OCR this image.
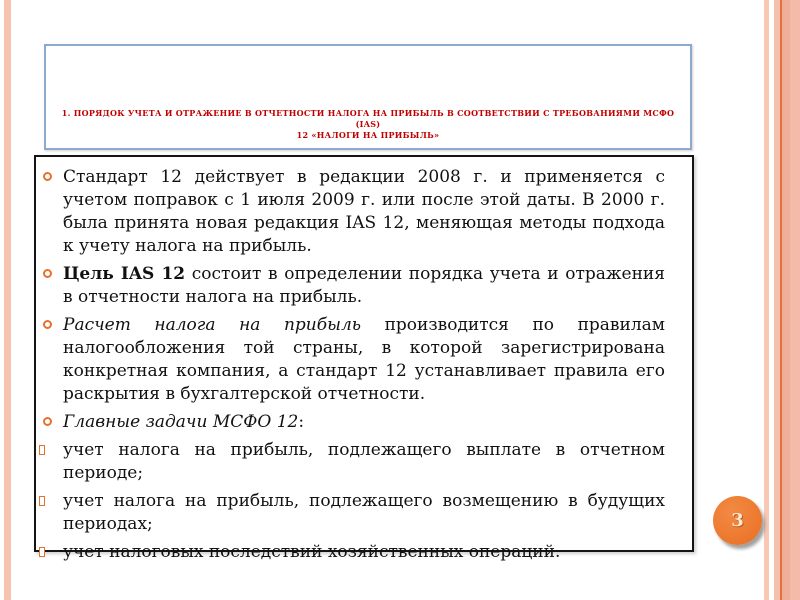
1. ПОРЯДОК УЧЕТА И ОТРАЖЕНИЕ В ОТЧЕТНОСТИ НАЛОГА НА ПРИБЫЛЬ В СООТВЕТСТВИИ С ТРЕБОВАНИЯМИ МСФО (IAS)
12 «НАЛОГИ НА ПРИБЫЛЬ»
Стандарт 12 действует в редакции 2008 г. и применяется с учетом поправок с 1 июля 2009 г. или после этой даты. В 2000 г. была принята новая редакция IAS 12, меняющая методы подхода к учету налога на прибыль.
Цель IAS 12 состоит в определении порядка учета и отражения в отчетности налога на прибыль.
Расчет налога на прибыль производится по правилам налогообложения той страны, в которой зарегистрирована конкретная компания, а стандарт 12 устанавливает правила его раскрытия в бухгалтерской отчетности.
Главные задачи МСФО 12:
учет налога на прибыль, подлежащего выплате в отчетном периоде;
учет налога на прибыль, подлежащего возмещению в будущих периодах;
учет налоговых последствий хозяйственных операций.
3
